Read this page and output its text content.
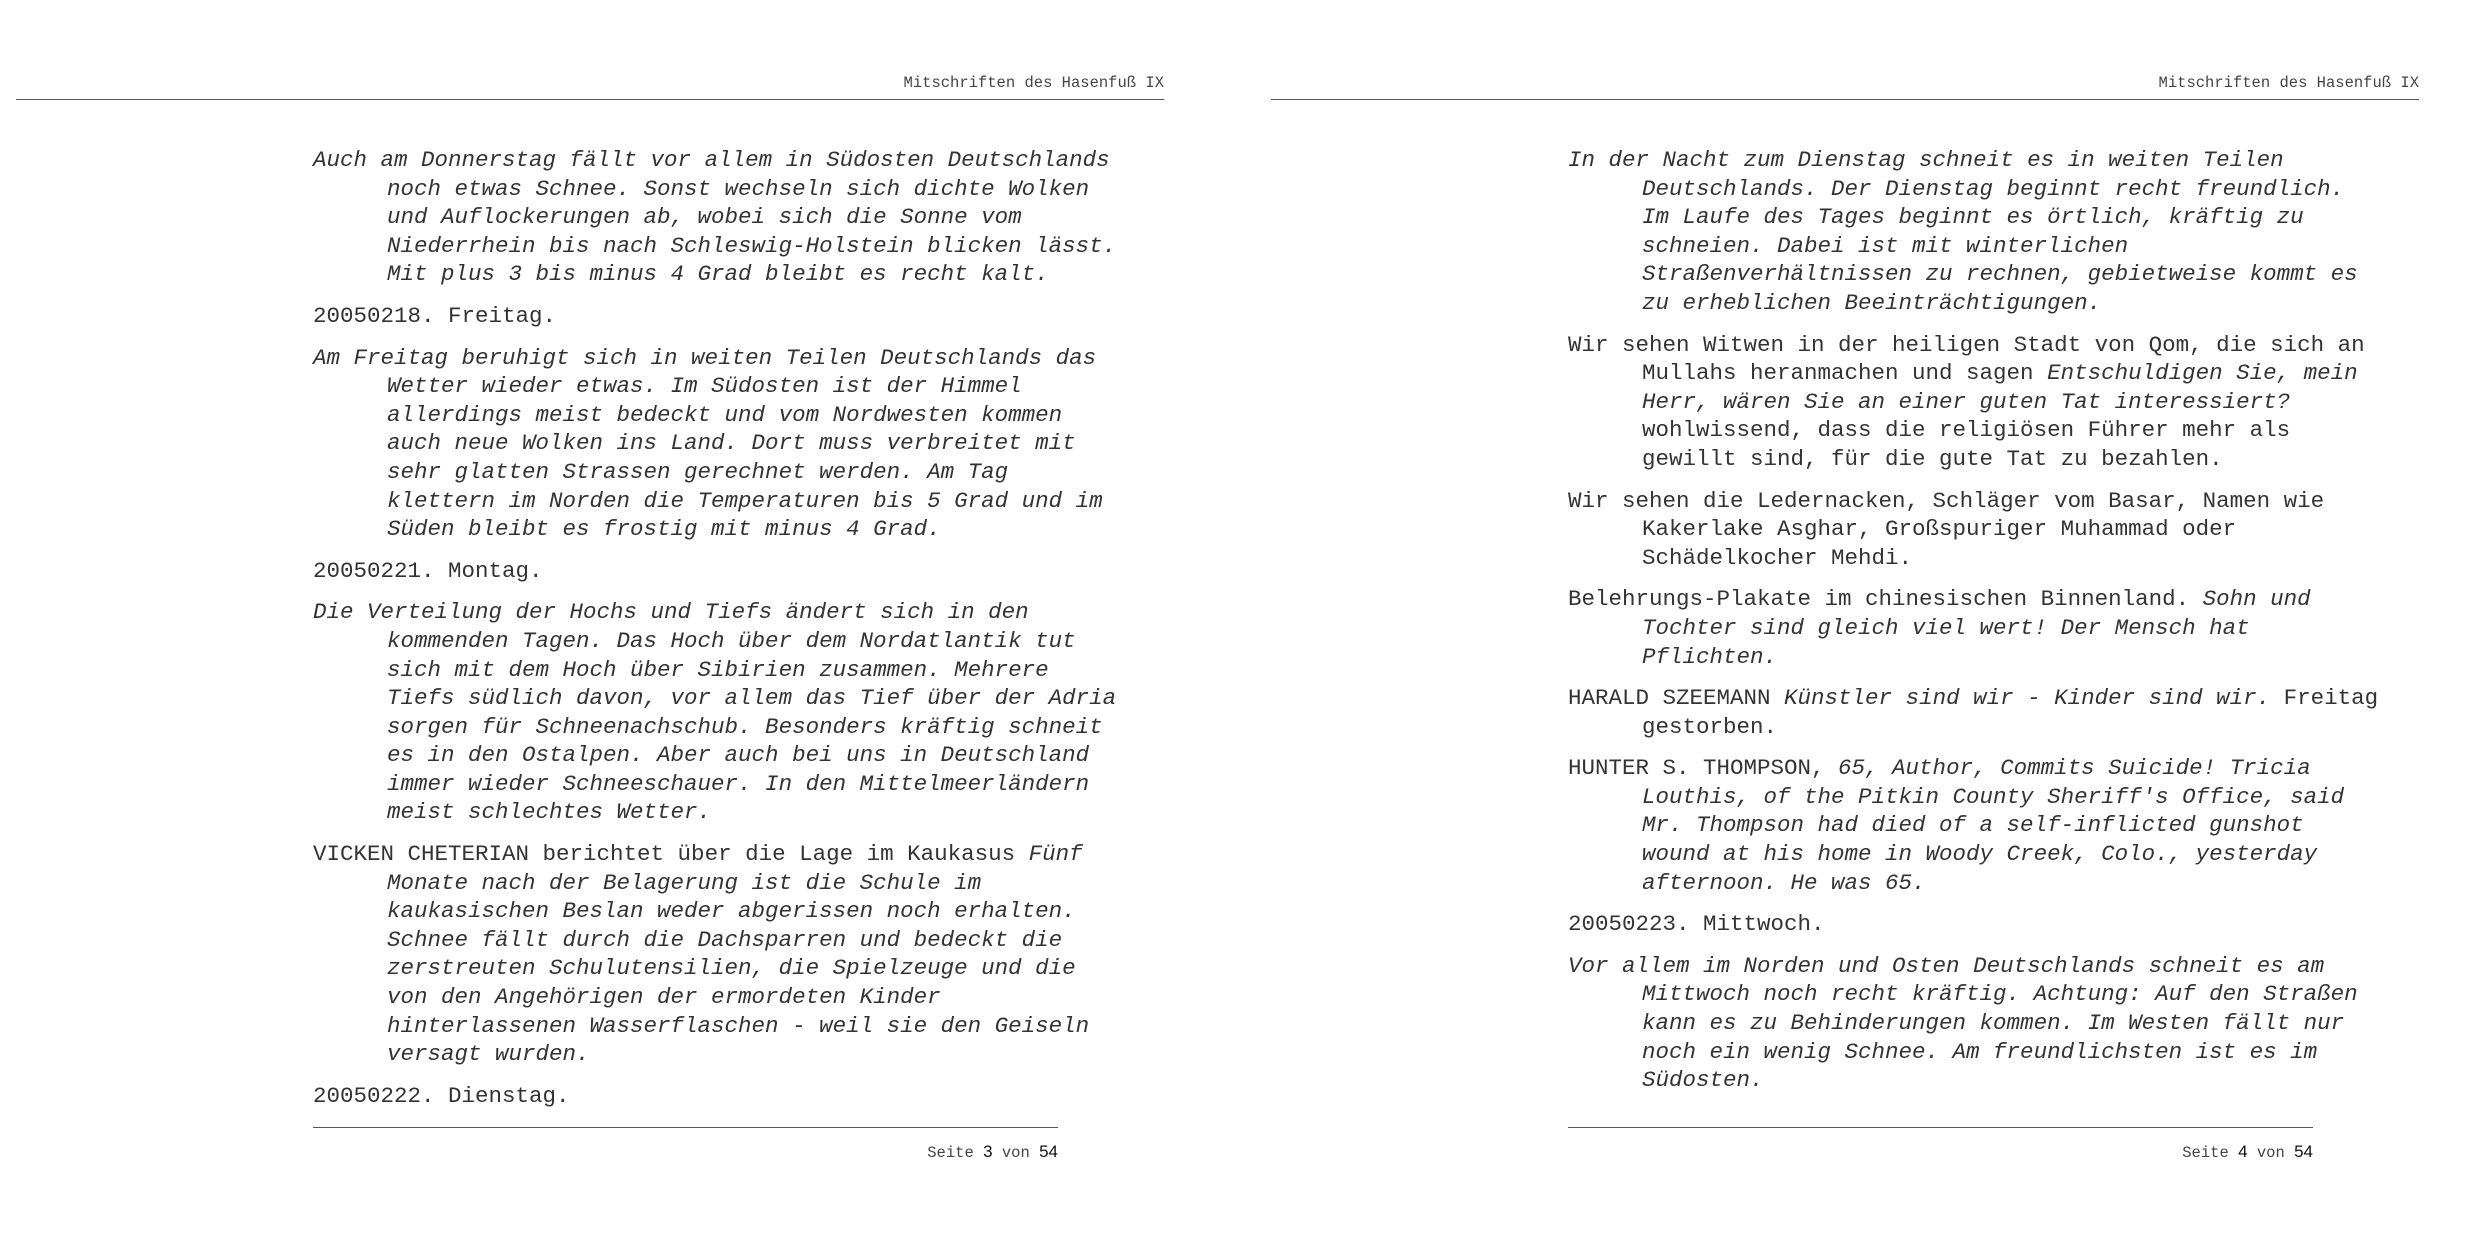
Mitschriften des Hasenfuß IX

Auch am Donnerstag fällt vor allem in Südosten Deutschlands
noch etwas Schnee. Sonst wechseln sich dichte Wolken
und Auflockerungen ab, wobei sich die Sonne vom
Niederrhein bis nach Schleswig-Holstein blicken lässt.
Mit plus 3 bis minus 4 Grad bleibt es recht kalt.

20050218. Freitag.

Am Freitag beruhigt sich in weiten Teilen Deutschlands das
Wetter wieder etwas. Im Südosten ist der Himmel
allerdings meist bedeckt und vom Nordwesten kommen
auch neue Wolken ins Land. Dort muss verbreitet mit
sehr glatten Strassen gerechnet werden. Am Tag
klettern im Norden die Temperaturen bis 5 Grad und im
Süden bleibt es frostig mit minus 4 Grad.

20050221. Montag.

Die Verteilung der Hochs und Tiefs ändert sich in den
kommenden Tagen. Das Hoch über dem Nordatlantik tut
sich mit dem Hoch über Sibirien zusammen. Mehrere
Tiefs südlich davon, vor allem das Tief über der Adria
sorgen für Schneenachschub. Besonders kräftig schneit
es in den Ostalpen. Aber auch bei uns in Deutschland
immer wieder Schneeschauer. In den Mittelmeerländern
meist schlechtes Wetter.

VICKEN CHETERIAN berichtet über die Lage im Kaukasus Fünf
Monate nach der Belagerung ist die Schule im
kaukasischen Beslan weder abgerissen noch erhalten.
Schnee fällt durch die Dachsparren und bedeckt die
zerstreuten Schulutensilien, die Spielzeuge und die
von den Angehörigen der ermordeten Kinder
hinterlassenen Wasserflaschen - weil sie den Geiseln
versagt wurden.

20050222. Dienstag.

Seite 3 von 54
Mitschriften des Hasenfuß IX

In der Nacht zum Dienstag schneit es in weiten Teilen
Deutschlands. Der Dienstag beginnt recht freundlich.
Im Laufe des Tages beginnt es örtlich, kräftig zu
schneien. Dabei ist mit winterlichen
Straßenverhältnissen zu rechnen, gebietweise kommt es
zu erheblichen Beeinträchtigungen.

Wir sehen Witwen in der heiligen Stadt von Qom, die sich an
Mullahs heranmachen und sagen Entschuldigen Sie, mein
Herr, wären Sie an einer guten Tat interessiert?
wohlwissend, dass die religiösen Führer mehr als
gewillt sind, für die gute Tat zu bezahlen.

Wir sehen die Ledernacken, Schläger vom Basar, Namen wie
Kakerlake Asghar, Großspuriger Muhammad oder
Schädelkocher Mehdi.

Belehrungs-Plakate im chinesischen Binnenland. Sohn und
Tochter sind gleich viel wert! Der Mensch hat
Pflichten.

HARALD SZEEMANN Künstler sind wir - Kinder sind wir. Freitag
gestorben.

HUNTER S. THOMPSON, 65, Author, Commits Suicide! Tricia
Louthis, of the Pitkin County Sheriff's Office, said
Mr. Thompson had died of a self-inflicted gunshot
wound at his home in Woody Creek, Colo., yesterday
afternoon. He was 65.

20050223. Mittwoch.

Vor allem im Norden und Osten Deutschlands schneit es am
Mittwoch noch recht kräftig. Achtung: Auf den Straßen
kann es zu Behinderungen kommen. Im Westen fällt nur
noch ein wenig Schnee. Am freundlichsten ist es im
Südosten.

Seite 4 von 54
